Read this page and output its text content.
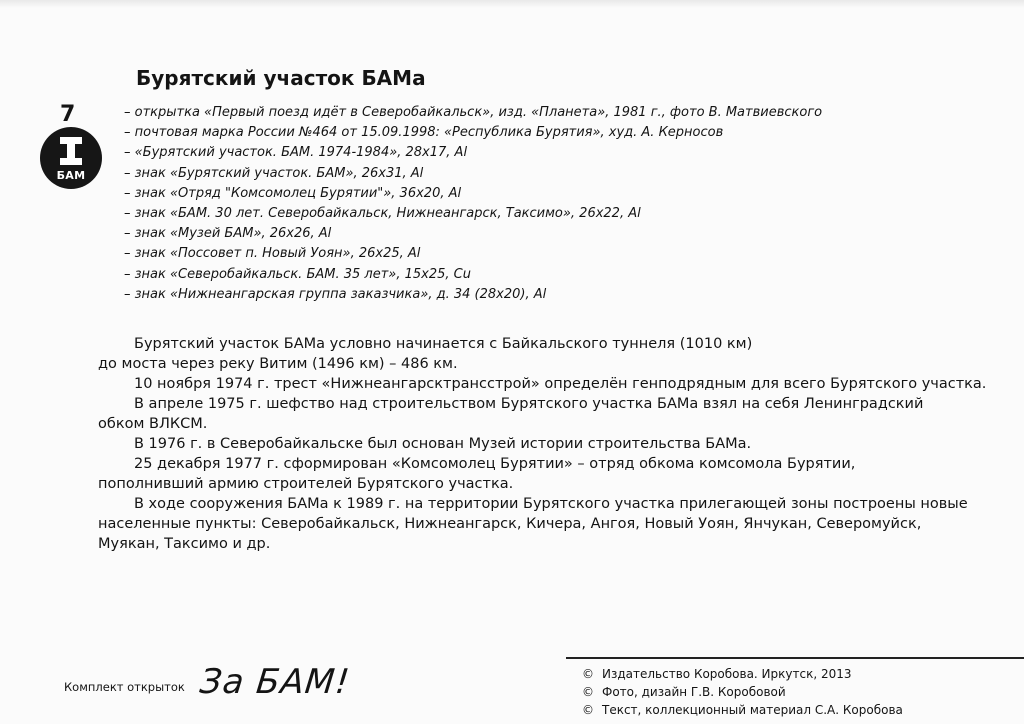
7
БАМ
Бурятский участок БАМа
– открытка «Первый поезд идёт в Северобайкальск», изд. «Планета», 1981 г., фото В. Матвиевского
– почтовая марка России №464 от 15.09.1998: «Республика Бурятия», худ. А. Керносов
– «Бурятский участок. БАМ. 1974-1984», 28х17, Al
– знак «Бурятский участок. БАМ», 26х31, Al
– знак «Отряд "Комсомолец Бурятии"», 36х20, Al
– знак «БАМ. 30 лет. Северобайкальск, Нижнеангарск, Таксимо», 26х22, Al
– знак «Музей БАМ», 26х26, Al
– знак «Поссовет п. Новый Уоян», 26х25, Al
– знак «Северобайкальск. БАМ. 35 лет», 15х25, Cu
– знак «Нижнеангарская группа заказчика», д. 34 (28х20), Al

Бурятский участок БАМа условно начинается с Байкальского туннеля (1010 км)

до моста через реку Витим (1496 км) – 486 км.

10 ноября 1974 г. трест «Нижнеангарсктрансстрой» определён генподрядным для всего Бурятского участка.

В апреле 1975 г. шефство над строительством Бурятского участка БАМа взял на себя Ленинградский

обком ВЛКСМ.

В 1976 г. в Северобайкальске был основан Музей истории строительства БАМа.

25 декабря 1977 г. сформирован «Комсомолец Бурятии» – отряд обкома комсомола Бурятии,

пополнивший армию строителей Бурятского участка.

В ходе сооружения БАМа к 1989 г. на территории Бурятского участка прилегающей зоны построены новые

населенные пункты: Северобайкальск, Нижнеангарск, Кичера, Ангоя, Новый Уоян, Янчукан, Северомуйск,

Муякан, Таксимо и др.

Комплект открыток За БАМ!	© Издательство Коробова. Иркутск, 2013
© Фото, дизайн Г.В. Коробовой
© Текст, коллекционный материал С.А. Коробова
